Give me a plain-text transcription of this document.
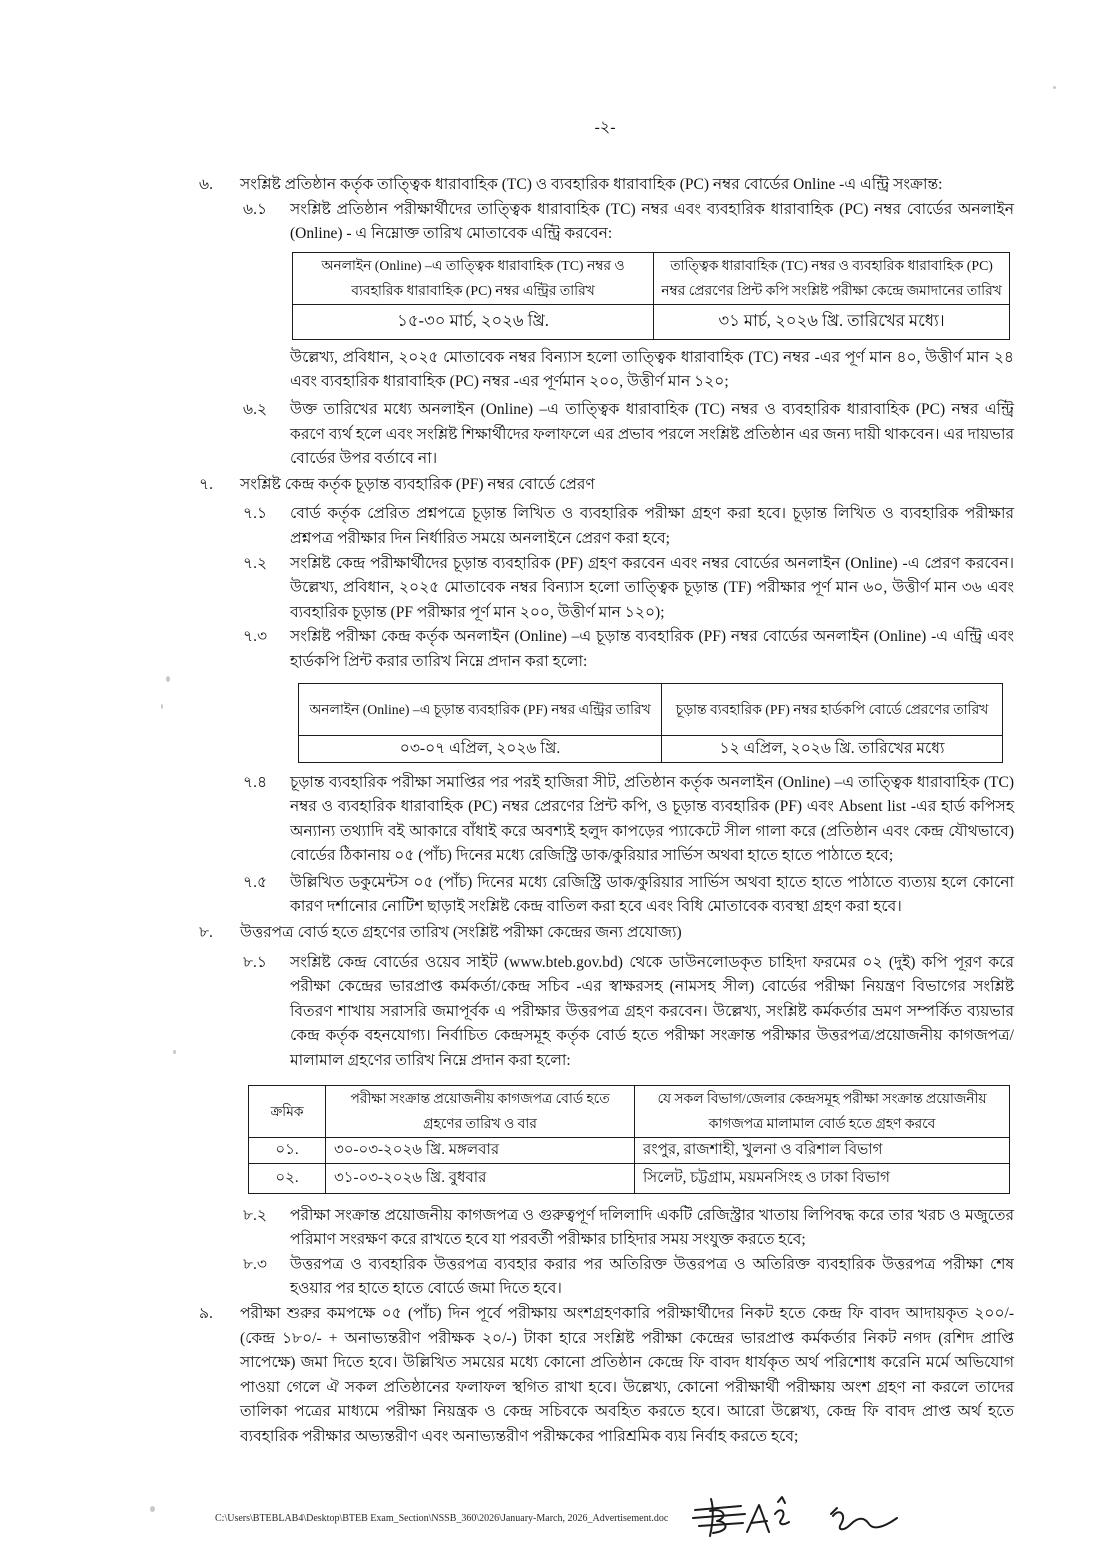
-২-
৬.	সংশ্লিষ্ট প্রতিষ্ঠান কর্তৃক তাত্ত্বিক ধারাবাহিক (TC) ও ব্যবহারিক ধারাবাহিক (PC) নম্বর বোর্ডের Online -এ এন্ট্রি সংক্রান্ত:
৬.১	সংশ্লিষ্ট প্রতিষ্ঠান পরীক্ষার্থীদের তাত্ত্বিক ধারাবাহিক (TC) নম্বর এবং ব্যবহারিক ধারাবাহিক (PC) নম্বর বোর্ডের অনলাইন (Online) - এ নিম্নোক্ত তারিখ মোতাবেক এন্ট্রি করবেন:
অনলাইন (Online) –এ তাত্ত্বিক ধারাবাহিক (TC) নম্বর ও ব্যবহারিক ধারাবাহিক (PC) নম্বর এন্ট্রির তারিখ	তাত্ত্বিক ধারাবাহিক (TC) নম্বর ও ব্যবহারিক ধারাবাহিক (PC) নম্বর প্রেরণের প্রিন্ট কপি সংশ্লিষ্ট পরীক্ষা কেন্দ্রে জমাদানের তারিখ
১৫-৩০ মার্চ, ২০২৬ খ্রি.	৩১ মার্চ, ২০২৬ খ্রি. তারিখের মধ্যে।

উল্লেখ্য, প্রবিধান, ২০২৫ মোতাবেক নম্বর বিন্যাস হলো তাত্ত্বিক ধারাবাহিক (TC) নম্বর -এর পূর্ণ মান ৪০, উত্তীর্ণ মান ২৪ এবং ব্যবহারিক ধারাবাহিক (PC) নম্বর -এর পূর্ণমান ২০০, উত্তীর্ণ মান ১২০;

৬.২	উক্ত তারিখের মধ্যে অনলাইন (Online) –এ তাত্ত্বিক ধারাবাহিক (TC) নম্বর ও ব্যবহারিক ধারাবাহিক (PC) নম্বর এন্ট্রি করণে ব্যর্থ হলে এবং সংশ্লিষ্ট শিক্ষার্থীদের ফলাফলে এর প্রভাব পরলে সংশ্লিষ্ট প্রতিষ্ঠান এর জন্য দায়ী থাকবেন। এর দায়ভার বোর্ডের উপর বর্তাবে না।
৭.	সংশ্লিষ্ট কেন্দ্র কর্তৃক চূড়ান্ত ব্যবহারিক (PF) নম্বর বোর্ডে প্রেরণ
৭.১	বোর্ড কর্তৃক প্রেরিত প্রশ্নপত্রে চূড়ান্ত লিখিত ও ব্যবহারিক পরীক্ষা গ্রহণ করা হবে। চূড়ান্ত লিখিত ও ব্যবহারিক পরীক্ষার প্রশ্নপত্র পরীক্ষার দিন নির্ধারিত সময়ে অনলাইনে প্রেরণ করা হবে;
৭.২	সংশ্লিষ্ট কেন্দ্র পরীক্ষার্থীদের চূড়ান্ত ব্যবহারিক (PF) গ্রহণ করবেন এবং নম্বর বোর্ডের অনলাইন (Online) -এ প্রেরণ করবেন। উল্লেখ্য, প্রবিধান, ২০২৫ মোতাবেক নম্বর বিন্যাস হলো তাত্ত্বিক চূড়ান্ত (TF) পরীক্ষার পূর্ণ মান ৬০, উত্তীর্ণ মান ৩৬ এবং ব্যবহারিক চূড়ান্ত (PF পরীক্ষার পূর্ণ মান ২০০, উত্তীর্ণ মান ১২০);
৭.৩	সংশ্লিষ্ট পরীক্ষা কেন্দ্র কর্তৃক অনলাইন (Online) –এ চূড়ান্ত ব্যবহারিক (PF) নম্বর বোর্ডের অনলাইন (Online) -এ এন্ট্রি এবং হার্ডকপি প্রিন্ট করার তারিখ নিম্নে প্রদান করা হলো:
অনলাইন (Online) –এ চূড়ান্ত ব্যবহারিক (PF) নম্বর এন্ট্রির তারিখ	চূড়ান্ত ব্যবহারিক (PF) নম্বর হার্ডকপি বোর্ডে প্রেরণের তারিখ
০৩-০৭ এপ্রিল, ২০২৬ খ্রি.	১২ এপ্রিল, ২০২৬ খ্রি. তারিখের মধ্যে
৭.৪	চূড়ান্ত ব্যবহারিক পরীক্ষা সমাপ্তির পর পরই হাজিরা সীট, প্রতিষ্ঠান কর্তৃক অনলাইন (Online) –এ তাত্ত্বিক ধারাবাহিক (TC) নম্বর ও ব্যবহারিক ধারাবাহিক (PC) নম্বর প্রেরণের প্রিন্ট কপি, ও চূড়ান্ত ব্যবহারিক (PF) এবং Absent list -এর হার্ড কপিসহ অন্যান্য তথ্যাদি বই আকারে বাঁধাই করে অবশ্যই হলুদ কাপড়ের প্যাকেটে সীল গালা করে (প্রতিষ্ঠান এবং কেন্দ্র যৌথভাবে) বোর্ডের ঠিকানায় ০৫ (পাঁচ) দিনের মধ্যে রেজিস্ট্রি ডাক/কুরিয়ার সার্ভিস অথবা হাতে হাতে পাঠাতে হবে;
৭.৫	উল্লিখিত ডকুমেন্টস ০৫ (পাঁচ) দিনের মধ্যে রেজিস্ট্রি ডাক/কুরিয়ার সার্ভিস অথবা হাতে হাতে পাঠাতে ব্যত্যয় হলে কোনো কারণ দর্শানোর নোটিশ ছাড়াই সংশ্লিষ্ট কেন্দ্র বাতিল করা হবে এবং বিধি মোতাবেক ব্যবস্থা গ্রহণ করা হবে।
৮.	উত্তরপত্র বোর্ড হতে গ্রহণের তারিখ (সংশ্লিষ্ট পরীক্ষা কেন্দ্রের জন্য প্রযোজ্য)
৮.১	সংশ্লিষ্ট কেন্দ্র বোর্ডের ওয়েব সাইট (www.bteb.gov.bd) থেকে ডাউনলোডকৃত চাহিদা ফরমের ০২ (দুই) কপি পূরণ করে পরীক্ষা কেন্দ্রের ভারপ্রাপ্ত কর্মকর্তা/কেন্দ্র সচিব -এর স্বাক্ষরসহ (নামসহ সীল) বোর্ডের পরীক্ষা নিয়ন্ত্রণ বিভাগের সংশ্লিষ্ট বিতরণ শাখায় সরাসরি জমাপূর্বক এ পরীক্ষার উত্তরপত্র গ্রহণ করবেন। উল্লেখ্য, সংশ্লিষ্ট কর্মকর্তার ভ্রমণ সম্পর্কিত ব্যয়ভার কেন্দ্র কর্তৃক বহনযোগ্য। নির্বাচিত কেন্দ্রসমূহ কর্তৃক বোর্ড হতে পরীক্ষা সংক্রান্ত পরীক্ষার উত্তরপত্র/প্রয়োজনীয় কাগজপত্র/মালামাল গ্রহণের তারিখ নিম্নে প্রদান করা হলো:
ক্রমিক	পরীক্ষা সংক্রান্ত প্রয়োজনীয় কাগজপত্র বোর্ড হতে গ্রহণের তারিখ ও বার	যে সকল বিভাগ/জেলার কেন্দ্রসমূহ পরীক্ষা সংক্রান্ত প্রয়োজনীয় কাগজপত্র মালামাল বোর্ড হতে গ্রহণ করবে
০১.	৩০-০৩-২০২৬ খ্রি. মঙ্গলবার	রংপুর, রাজশাহী, খুলনা ও বরিশাল বিভাগ
০২.	৩১-০৩-২০২৬ খ্রি. বুধবার	সিলেট, চট্টগ্রাম, ময়মনসিংহ ও ঢাকা বিভাগ
৮.২	পরীক্ষা সংক্রান্ত প্রয়োজনীয় কাগজপত্র ও গুরুত্বপূর্ণ দলিলাদি একটি রেজিস্ট্রার খাতায় লিপিবদ্ধ করে তার খরচ ও মজুতের পরিমাণ সংরক্ষণ করে রাখতে হবে যা পরবর্তী পরীক্ষার চাহিদার সময় সংযুক্ত করতে হবে;
৮.৩	উত্তরপত্র ও ব্যবহারিক উত্তরপত্র ব্যবহার করার পর অতিরিক্ত উত্তরপত্র ও অতিরিক্ত ব্যবহারিক উত্তরপত্র পরীক্ষা শেষ হওয়ার পর হাতে হাতে বোর্ডে জমা দিতে হবে।
৯.	পরীক্ষা শুরুর কমপক্ষে ০৫ (পাঁচ) দিন পূর্বে পরীক্ষায় অংশগ্রহণকারি পরীক্ষার্থীদের নিকট হতে কেন্দ্র ফি বাবদ আদায়কৃত ২০০/- (কেন্দ্র ১৮০/- + অনাভ্যন্তরীণ পরীক্ষক ২০/-) টাকা হারে সংশ্লিষ্ট পরীক্ষা কেন্দ্রের ভারপ্রাপ্ত কর্মকর্তার নিকট নগদ (রশিদ প্রাপ্তি সাপেক্ষে) জমা দিতে হবে। উল্লিখিত সময়ের মধ্যে কোনো প্রতিষ্ঠান কেন্দ্রে ফি বাবদ ধার্যকৃত অর্থ পরিশোধ করেনি মর্মে অভিযোগ পাওয়া গেলে ঐ সকল প্রতিষ্ঠানের ফলাফল স্থগিত রাখা হবে। উল্লেখ্য, কোনো পরীক্ষার্থী পরীক্ষায় অংশ গ্রহণ না করলে তাদের তালিকা পত্রের মাধ্যমে পরীক্ষা নিয়ন্ত্রক ও কেন্দ্র সচিবকে অবহিত করতে হবে। আরো উল্লেখ্য, কেন্দ্র ফি বাবদ প্রাপ্ত অর্থ হতে ব্যবহারিক পরীক্ষার অভ্যন্তরীণ এবং অনাভ্যন্তরীণ পরীক্ষকের পারিশ্রমিক ব্যয় নির্বাহ করতে হবে;
C:\Users\BTEBLAB4\Desktop\BTEB Exam_Section\NSSB_360\2026\January-March, 2026_Advertisement.doc
